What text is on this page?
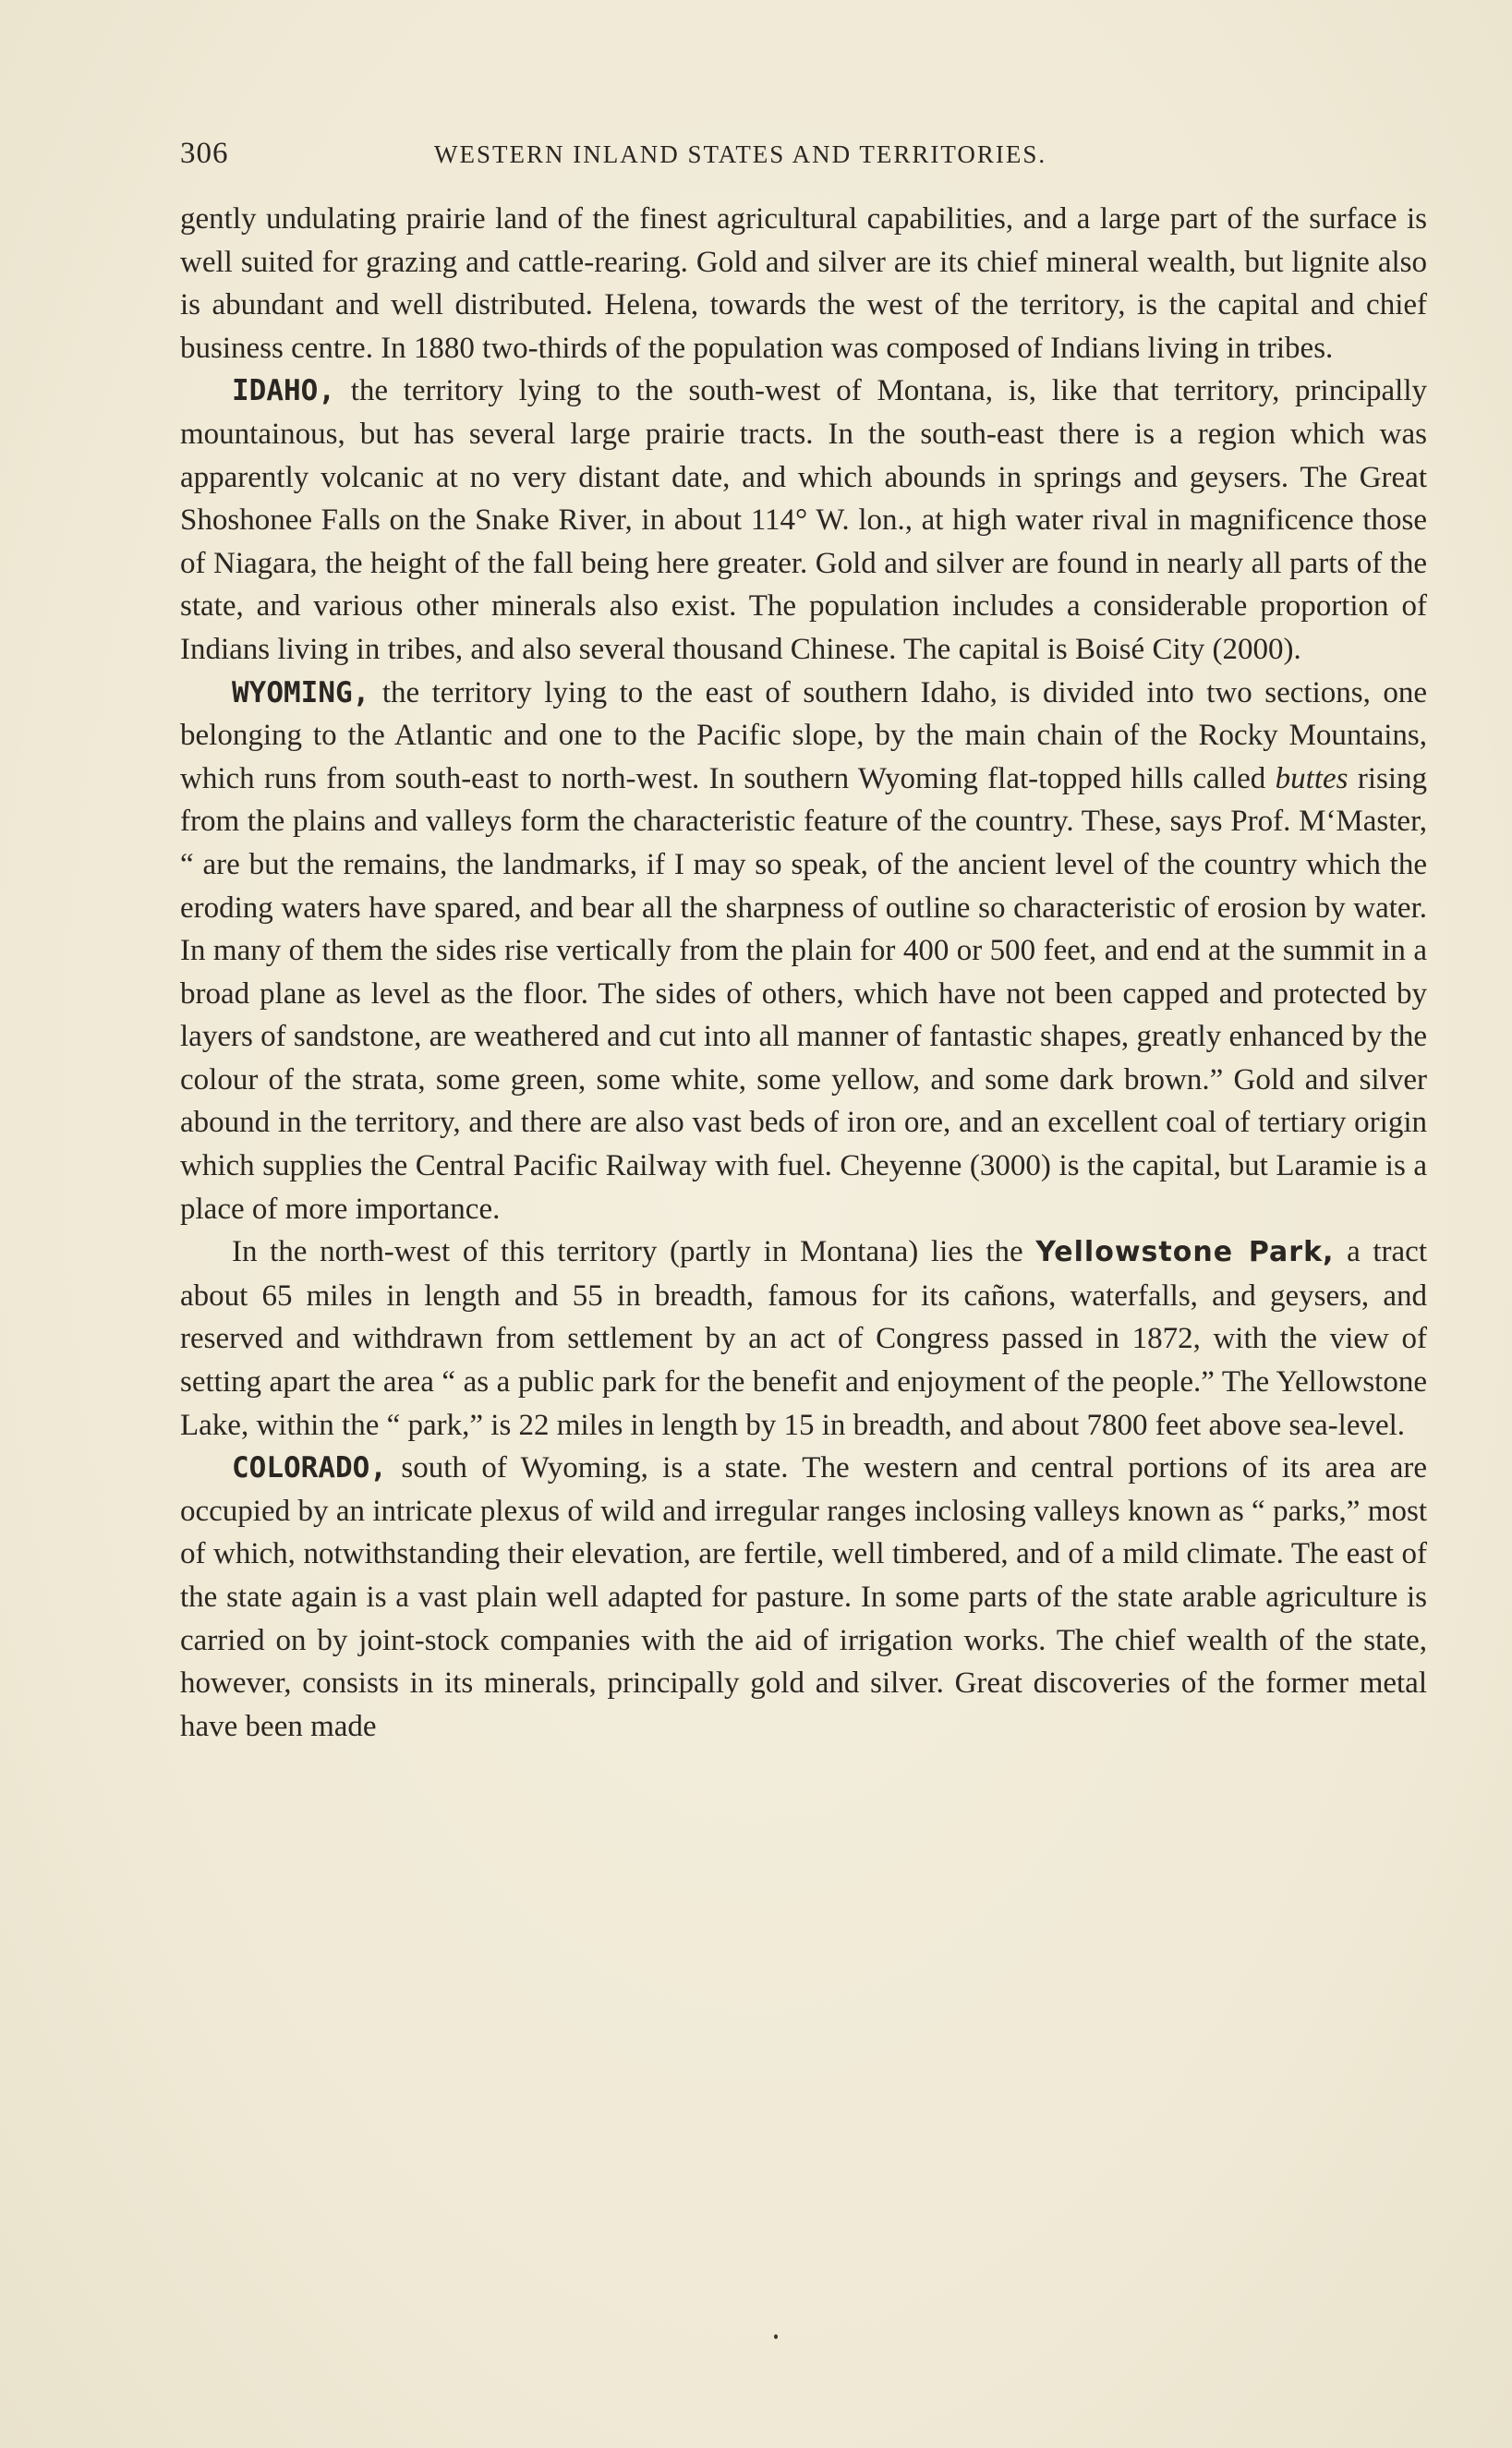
306	WESTERN INLAND STATES AND TERRITORIES.

gently undulating prairie land of the finest agricultural capabilities, and a large part of the surface is well suited for grazing and cattle-rearing. Gold and silver are its chief mineral wealth, but lignite also is abundant and well distributed. Helena, towards the west of the territory, is the capital and chief business centre. In 1880 two-thirds of the population was composed of Indians living in tribes.

IDAHO, the territory lying to the south-west of Montana, is, like that territory, principally mountainous, but has several large prairie tracts. In the south-east there is a region which was apparently volcanic at no very distant date, and which abounds in springs and geysers. The Great Shoshonee Falls on the Snake River, in about 114° W. lon., at high water rival in magnificence those of Niagara, the height of the fall being here greater. Gold and silver are found in nearly all parts of the state, and various other minerals also exist. The population includes a considerable proportion of Indians living in tribes, and also several thousand Chinese. The capital is Boisé City (2000).

WYOMING, the territory lying to the east of southern Idaho, is divided into two sections, one belonging to the Atlantic and one to the Pacific slope, by the main chain of the Rocky Mountains, which runs from south-east to north-west. In southern Wyoming flat-topped hills called buttes rising from the plains and valleys form the characteristic feature of the country. These, says Prof. M‘Master, “ are but the remains, the landmarks, if I may so speak, of the ancient level of the country which the eroding waters have spared, and bear all the sharpness of outline so characteristic of erosion by water. In many of them the sides rise vertically from the plain for 400 or 500 feet, and end at the summit in a broad plane as level as the floor. The sides of others, which have not been capped and protected by layers of sandstone, are weathered and cut into all manner of fantastic shapes, greatly enhanced by the colour of the strata, some green, some white, some yellow, and some dark brown.” Gold and silver abound in the territory, and there are also vast beds of iron ore, and an excellent coal of tertiary origin which supplies the Central Pacific Railway with fuel. Cheyenne (3000) is the capital, but Laramie is a place of more importance.

In the north-west of this territory (partly in Montana) lies the Yellowstone Park, a tract about 65 miles in length and 55 in breadth, famous for its cañons, waterfalls, and geysers, and reserved and withdrawn from settlement by an act of Congress passed in 1872, with the view of setting apart the area “ as a public park for the benefit and enjoyment of the people.” The Yellowstone Lake, within the “ park,” is 22 miles in length by 15 in breadth, and about 7800 feet above sea-level.

COLORADO, south of Wyoming, is a state. The western and central portions of its area are occupied by an intricate plexus of wild and irregular ranges inclosing valleys known as “ parks,” most of which, notwithstanding their elevation, are fertile, well timbered, and of a mild climate. The east of the state again is a vast plain well adapted for pasture. In some parts of the state arable agriculture is carried on by joint-stock companies with the aid of irrigation works. The chief wealth of the state, however, consists in its minerals, principally gold and silver. Great discoveries of the former metal have been made
